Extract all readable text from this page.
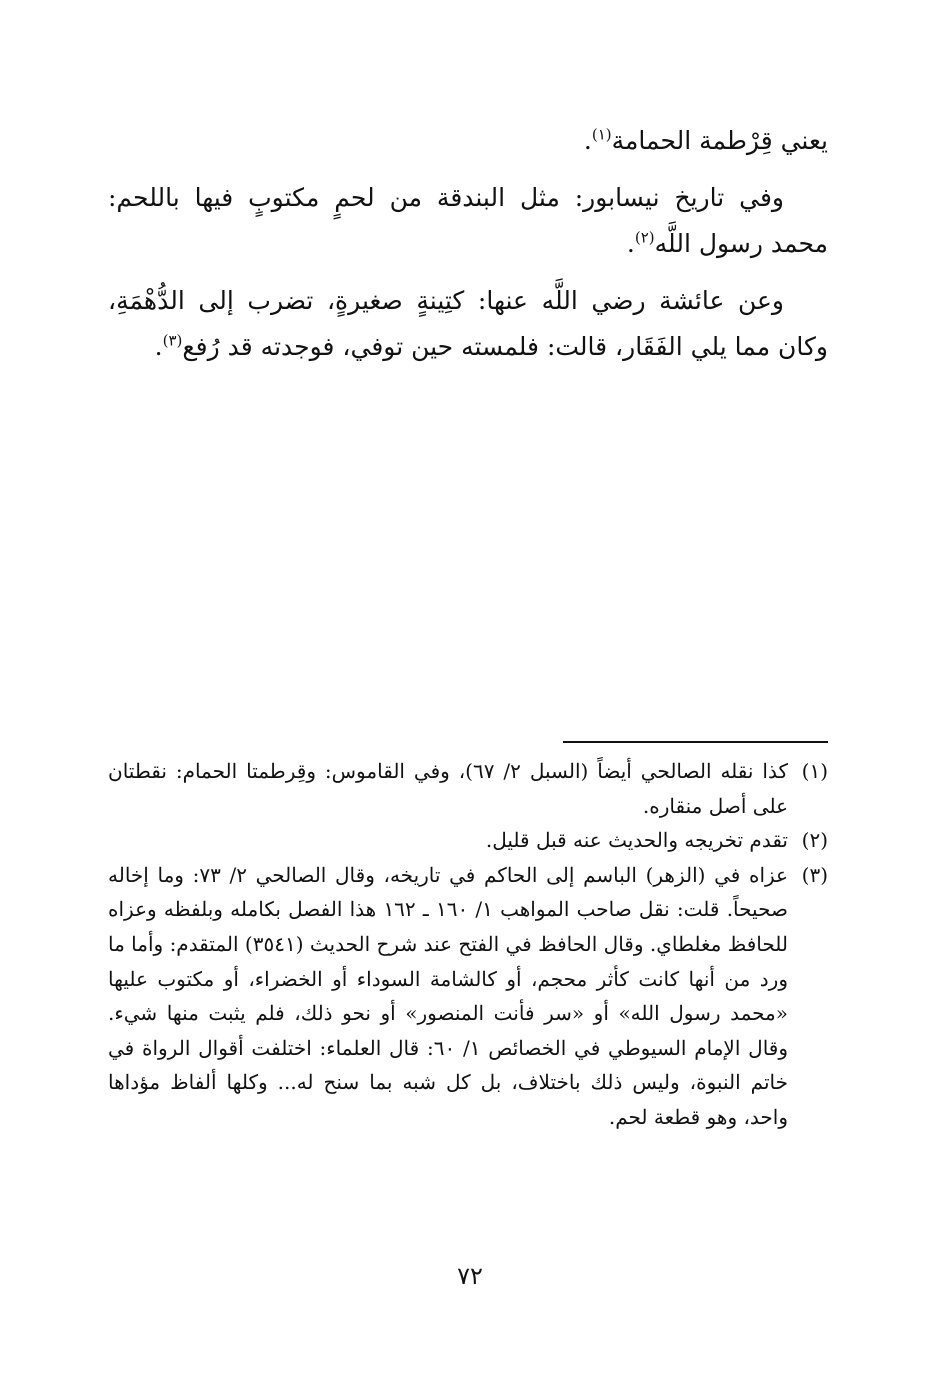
يعني قِرْطمة الحمامة$^{(١)}$.

وفي تاريخ نيسابور: مثل البندقة من لحمٍ مكتوبٍ فيها باللحم: محمد رسول اللَّه$^{(٢)}$.

وعن عائشة رضي اللَّه عنها: كتِينةٍ صغيرةٍ، تضرب إلى الدُّهْمَةِ، وكان مما يلي الفَقَار، قالت: فلمسته حين توفي، فوجدته قد رُفع$^{(٣)}$.

(١)
كذا نقله الصالحي أيضاً (السبل ٢/ ٦٧)، وفي القاموس: وقِرطمتا الحمام: نقطتان على أصل منقاره.
(٢)
تقدم تخريجه والحديث عنه قبل قليل.
(٣)
عزاه في (الزهر) الباسم إلى الحاكم في تاريخه، وقال الصالحي ٢/ ٧٣: وما إخاله صحيحاً. قلت: نقل صاحب المواهب ١/ ١٦٠ ـ ١٦٢ هذا الفصل بكامله وبلفظه وعزاه للحافظ مغلطاي. وقال الحافظ في الفتح عند شرح الحديث (٣٥٤١) المتقدم: وأما ما ورد من أنها كانت كأثر محجم، أو كالشامة السوداء أو الخضراء، أو مكتوب عليها «محمد رسول الله» أو «سر فأنت المنصور» أو نحو ذلك، فلم يثبت منها شيء. وقال الإمام السيوطي في الخصائص ١/ ٦٠: قال العلماء: اختلفت أقوال الرواة في خاتم النبوة، وليس ذلك باختلاف، بل كل شبه بما سنح له... وكلها ألفاظ مؤداها واحد، وهو قطعة لحم.
٧٢
